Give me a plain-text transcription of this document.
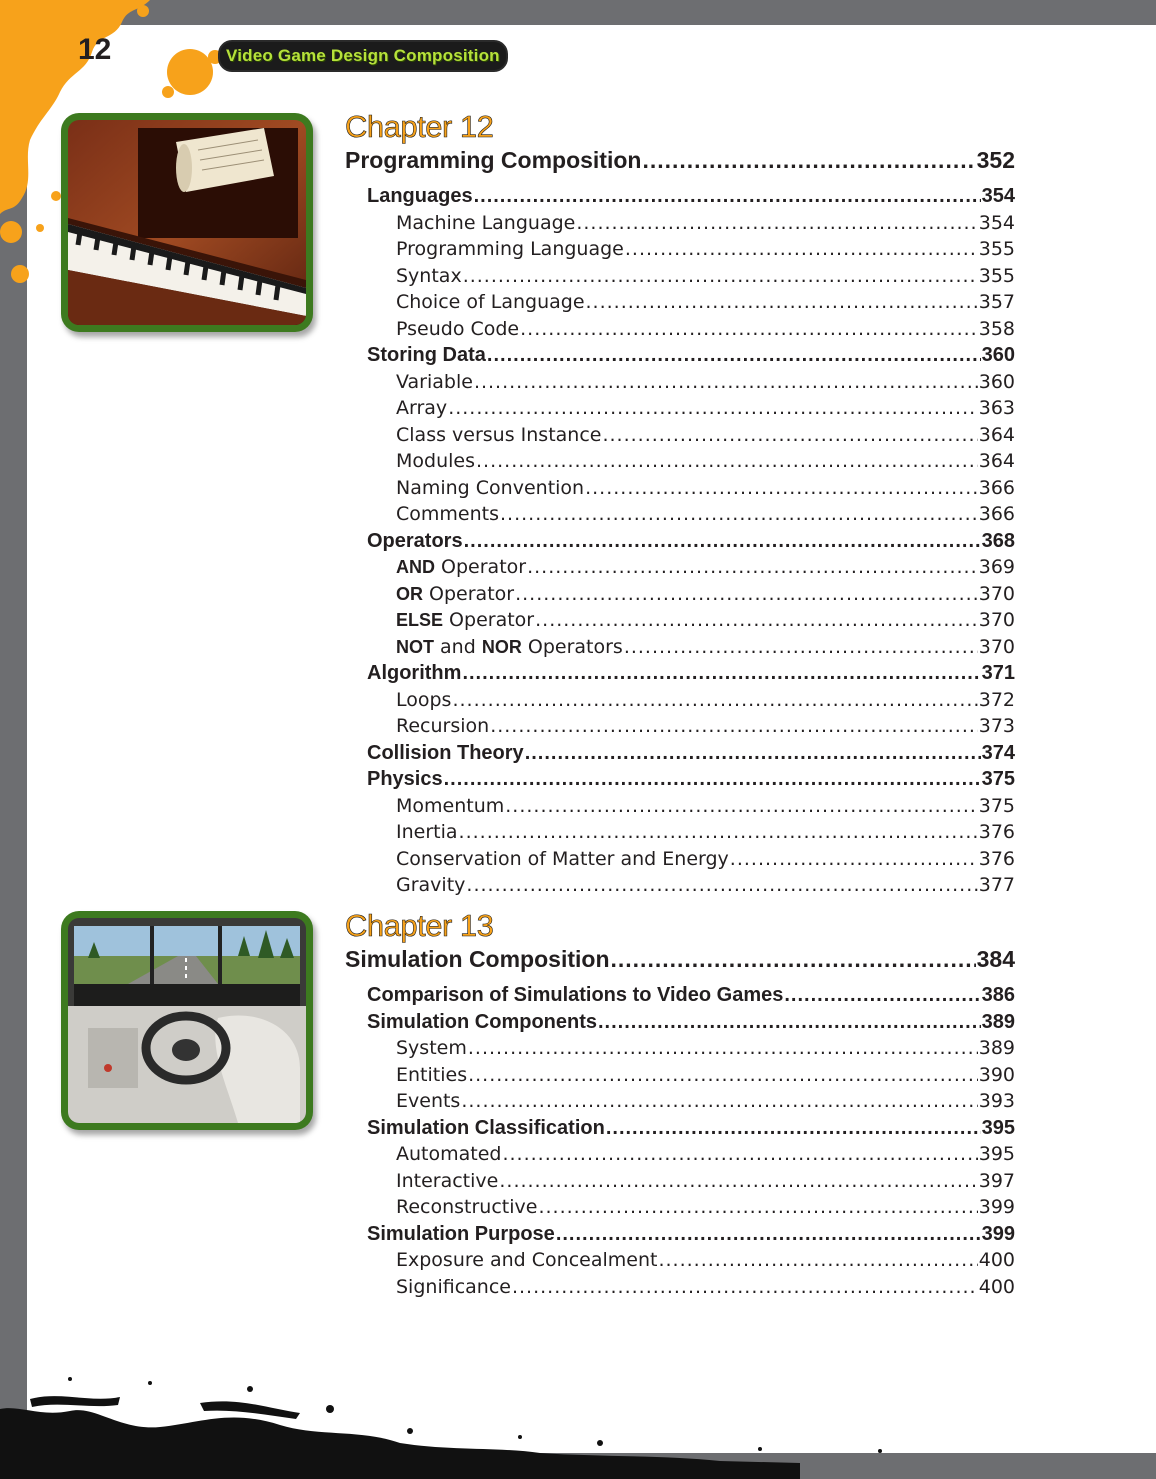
12	Video Game Design Composition
Chapter 12
Programming Composition .....	352
Languages .....	354
Machine Language .....	354
Programming Language .....	355
Syntax .....	355
Choice of Language .....	357
Pseudo Code .....	358
Storing Data .....	360
Variable .....	360
Array .....	363
Class versus Instance .....	364
Modules .....	364
Naming Convention .....	366
Comments .....	366
Operators .....	368
AND Operator .....	369
OR Operator .....	370
ELSE Operator .....	370
NOT and NOR Operators .....	370
Algorithm .....	371
Loops .....	372
Recursion .....	373
Collision Theory .....	374
Physics .....	375
Momentum .....	375
Inertia .....	376
Conservation of Matter and Energy .....	376
Gravity .....	377
Chapter 13
Simulation Composition .....	384
Comparison of Simulations to Video Games .....	386
Simulation Components .....	389
System .....	389
Entities .....	390
Events .....	393
Simulation Classification .....	395
Automated .....	395
Interactive .....	397
Reconstructive .....	399
Simulation Purpose .....	399
Exposure and Concealment .....	400
Significance .....	400
